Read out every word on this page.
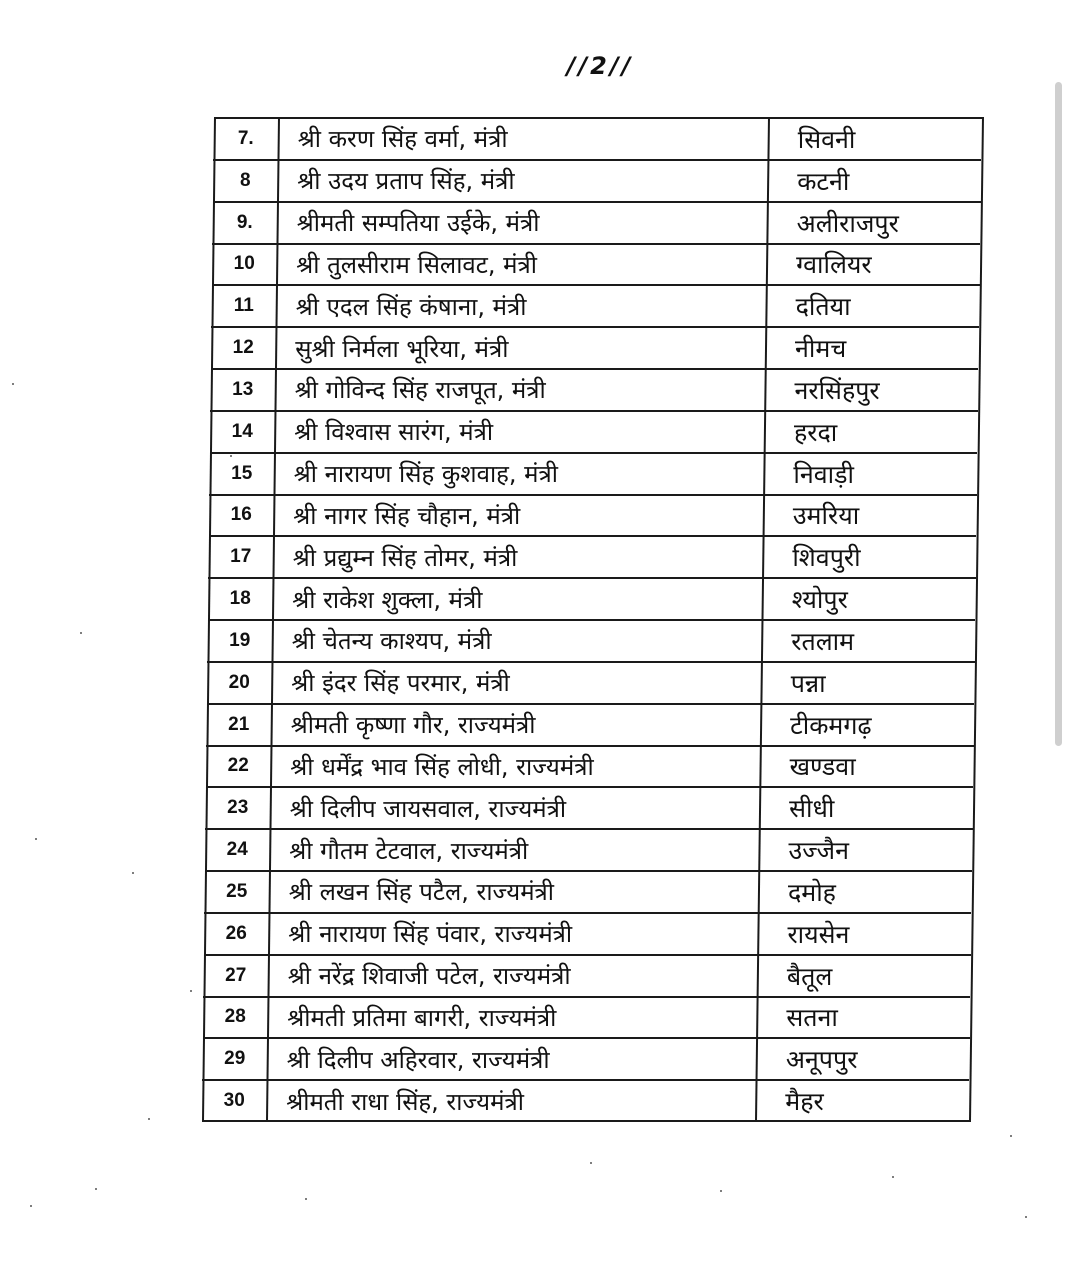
//2//
7.	श्री करण सिंह वर्मा, मंत्री	सिवनी
8	श्री उदय प्रताप सिंह, मंत्री	कटनी
9.	श्रीमती सम्पतिया उईके, मंत्री	अलीराजपुर
10	श्री तुलसीराम सिलावट, मंत्री	ग्वालियर
11	श्री एदल सिंह कंषाना, मंत्री	दतिया
12	सुश्री निर्मला भूरिया, मंत्री	नीमच
13	श्री गोविन्द सिंह राजपूत, मंत्री	नरसिंहपुर
14	श्री विश्वास सारंग, मंत्री	हरदा
15	श्री नारायण सिंह कुशवाह, मंत्री	निवाड़ी
16	श्री नागर सिंह चौहान, मंत्री	उमरिया
17	श्री प्रद्युम्न सिंह तोमर, मंत्री	शिवपुरी
18	श्री राकेश शुक्ला, मंत्री	श्योपुर
19	श्री चेतन्य काश्यप, मंत्री	रतलाम
20	श्री इंदर सिंह परमार, मंत्री	पन्ना
21	श्रीमती कृष्णा गौर, राज्यमंत्री	टीकमगढ़
22	श्री धर्मेंद्र भाव सिंह लोधी, राज्यमंत्री	खण्डवा
23	श्री दिलीप जायसवाल, राज्यमंत्री	सीधी
24	श्री गौतम टेटवाल, राज्यमंत्री	उज्जैन
25	श्री लखन सिंह पटैल, राज्यमंत्री	दमोह
26	श्री नारायण सिंह पंवार, राज्यमंत्री	रायसेन
27	श्री नरेंद्र शिवाजी पटेल, राज्यमंत्री	बैतूल
28	श्रीमती प्रतिमा बागरी, राज्यमंत्री	सतना
29	श्री दिलीप अहिरवार, राज्यमंत्री	अनूपपुर
30	श्रीमती राधा सिंह, राज्यमंत्री	मैहर
